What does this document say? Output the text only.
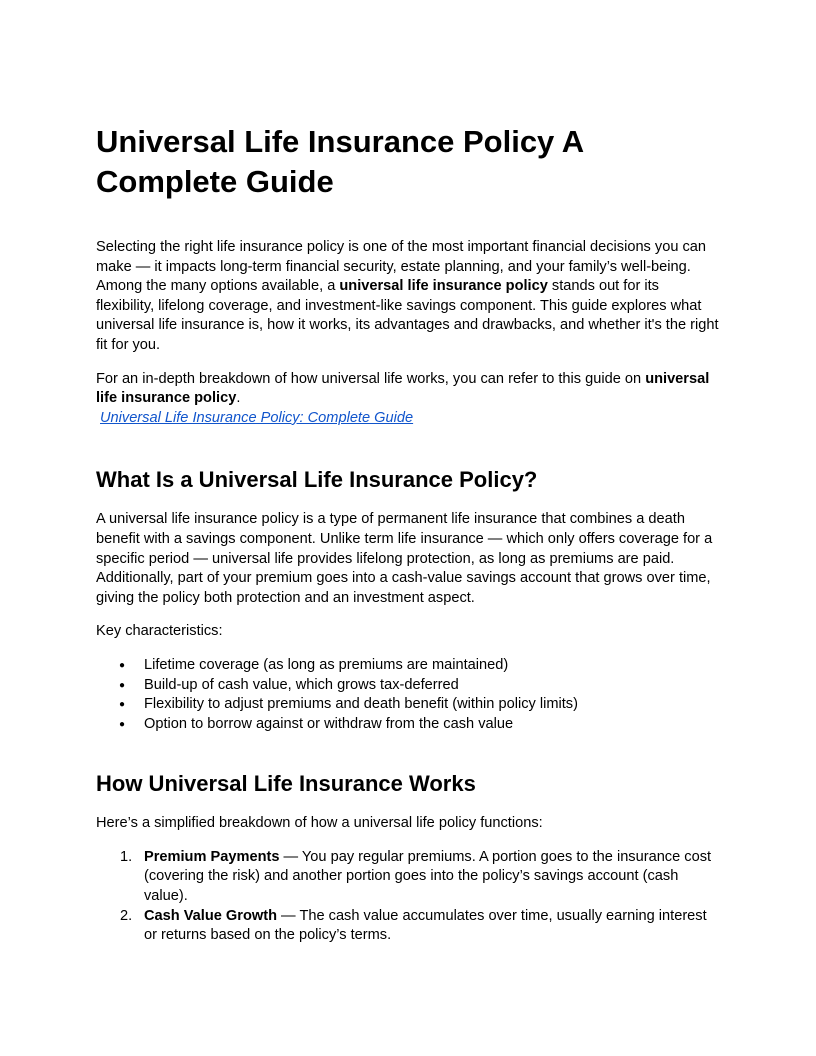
Universal Life Insurance Policy A Complete Guide

Selecting the right life insurance policy is one of the most important financial decisions you can make — it impacts long-term financial security, estate planning, and your family’s well-being. Among the many options available, a universal life insurance policy stands out for its flexibility, lifelong coverage, and investment-like savings component. This guide explores what universal life insurance is, how it works, its advantages and drawbacks, and whether it's the right fit for you.

For an in-depth breakdown of how universal life works, you can refer to this guide on universal life insurance policy.
Universal Life Insurance Policy: Complete Guide

What Is a Universal Life Insurance Policy?

A universal life insurance policy is a type of permanent life insurance that combines a death benefit with a savings component. Unlike term life insurance — which only offers coverage for a specific period — universal life provides lifelong protection, as long as premiums are paid. Additionally, part of your premium goes into a cash-value savings account that grows over time, giving the policy both protection and an investment aspect.

Key characteristics:

● Lifetime coverage (as long as premiums are maintained)
● Build-up of cash value, which grows tax-deferred
● Flexibility to adjust premiums and death benefit (within policy limits)
● Option to borrow against or withdraw from the cash value
How Universal Life Insurance Works

Here’s a simplified breakdown of how a universal life policy functions:

1. Premium Payments — You pay regular premiums. A portion goes to the insurance cost (covering the risk) and another portion goes into the policy’s savings account (cash value).
2. Cash Value Growth — The cash value accumulates over time, usually earning interest or returns based on the policy’s terms.
